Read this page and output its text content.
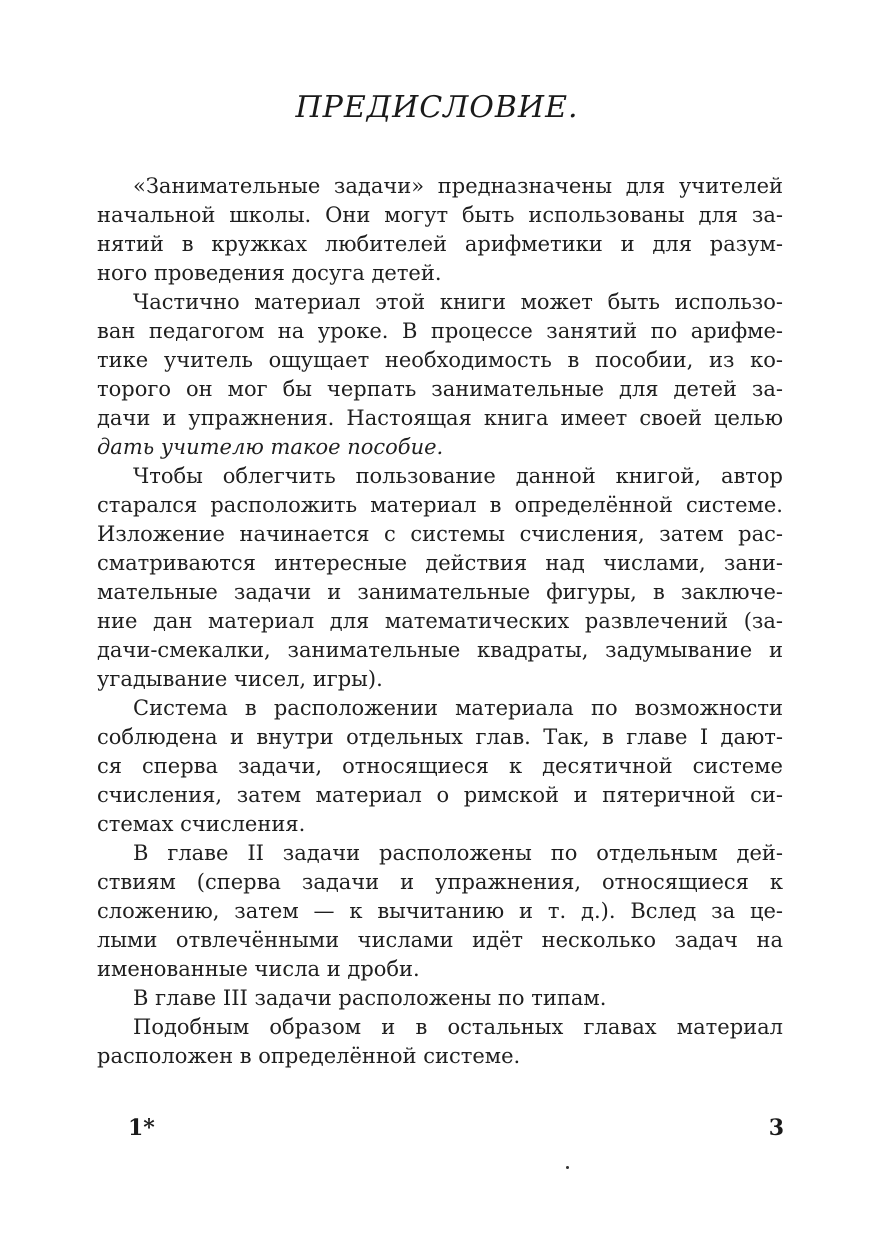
ПРЕДИСЛОВИЕ.
«Занимательные задачи» предназначены для учителей
начальной школы. Они могут быть использованы для за-
нятий в кружках любителей арифметики и для разум-
ного проведения досуга детей.
Частично материал этой книги может быть использо-
ван педагогом на уроке. В процессе занятий по арифме-
тике учитель ощущает необходимость в пособии, из ко-
торого он мог бы черпать занимательные для детей за-
дачи и упражнения. Настоящая книга имеет своей целью
дать учителю такое пособие.
Чтобы облегчить пользование данной книгой, автор
старался расположить материал в определённой системе.
Изложение начинается с системы счисления, затем рас-
сматриваются интересные действия над числами, зани-
мательные задачи и занимательные фигуры, в заключе-
ние дан материал для математических развлечений (за-
дачи-смекалки, занимательные квадраты, задумывание и
угадывание чисел, игры).
Система в расположении материала по возможности
соблюдена и внутри отдельных глав. Так, в главе I дают-
ся сперва задачи, относящиеся к десятичной системе
счисления, затем материал о римской и пятеричной си-
стемах счисления.
В главе II задачи расположены по отдельным дей-
ствиям (сперва задачи и упражнения, относящиеся к
сложению, затем — к вычитанию и т. д.). Вслед за це-
лыми отвлечёнными числами идёт несколько задач на
именованные числа и дроби.
В главе III задачи расположены по типам.
Подобным образом и в остальных главах материал
расположен в определённой системе.
1*	3
